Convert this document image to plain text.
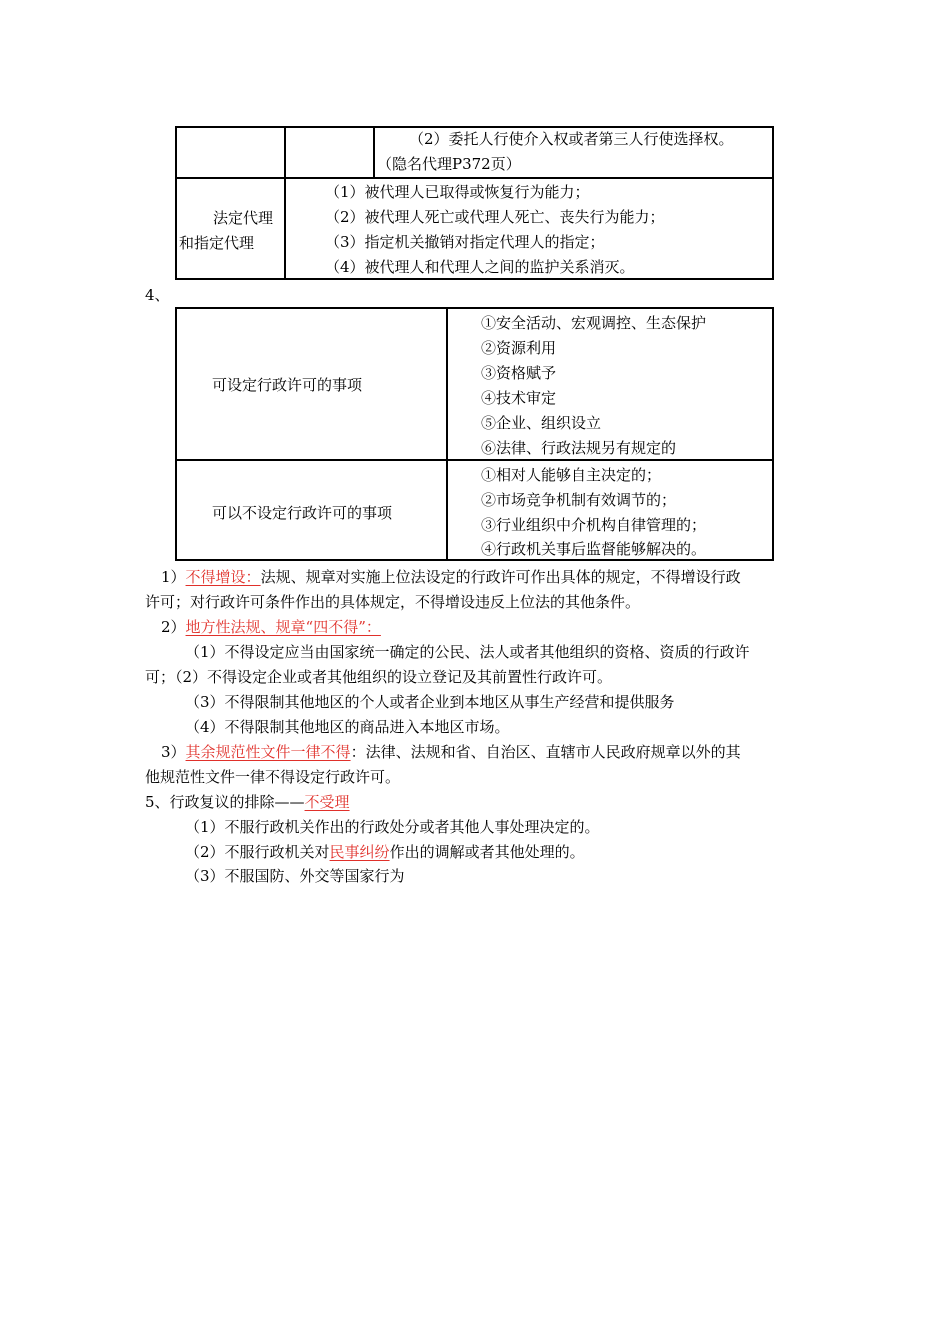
（2）委托人行使介入权或者第三人行使选择权。
（隐名代理P372页）
法定代理
和指定代理
（1）被代理人已取得或恢复行为能力；
（2）被代理人死亡或代理人死亡、丧失行为能力；
（3）指定机关撤销对指定代理人的指定；
（4）被代理人和代理人之间的监护关系消灭。
4、
可设定行政许可的事项
①安全活动、宏观调控、生态保护
②资源利用
③资格赋予
④技术审定
⑤企业、组织设立
⑥法律、行政法规另有规定的
可以不设定行政许可的事项
①相对人能够自主决定的；
②市场竞争机制有效调节的；
③行业组织中介机构自律管理的；
④行政机关事后监督能够解决的。
1）不得增设：法规、规章对实施上位法设定的行政许可作出具体的规定，不得增设行政
许可；对行政许可条件作出的具体规定，不得增设违反上位法的其他条件。
2）地方性法规、规章“四不得”：
（1）不得设定应当由国家统一确定的公民、法人或者其他组织的资格、资质的行政许
可；（2）不得设定企业或者其他组织的设立登记及其前置性行政许可。
（3）不得限制其他地区的个人或者企业到本地区从事生产经营和提供服务
（4）不得限制其他地区的商品进入本地区市场。
3）其余规范性文件一律不得：法律、法规和省、自治区、直辖市人民政府规章以外的其
他规范性文件一律不得设定行政许可。
5、行政复议的排除——不受理
（1）不服行政机关作出的行政处分或者其他人事处理决定的。
（2）不服行政机关对民事纠纷作出的调解或者其他处理的。
（3）不服国防、外交等国家行为
